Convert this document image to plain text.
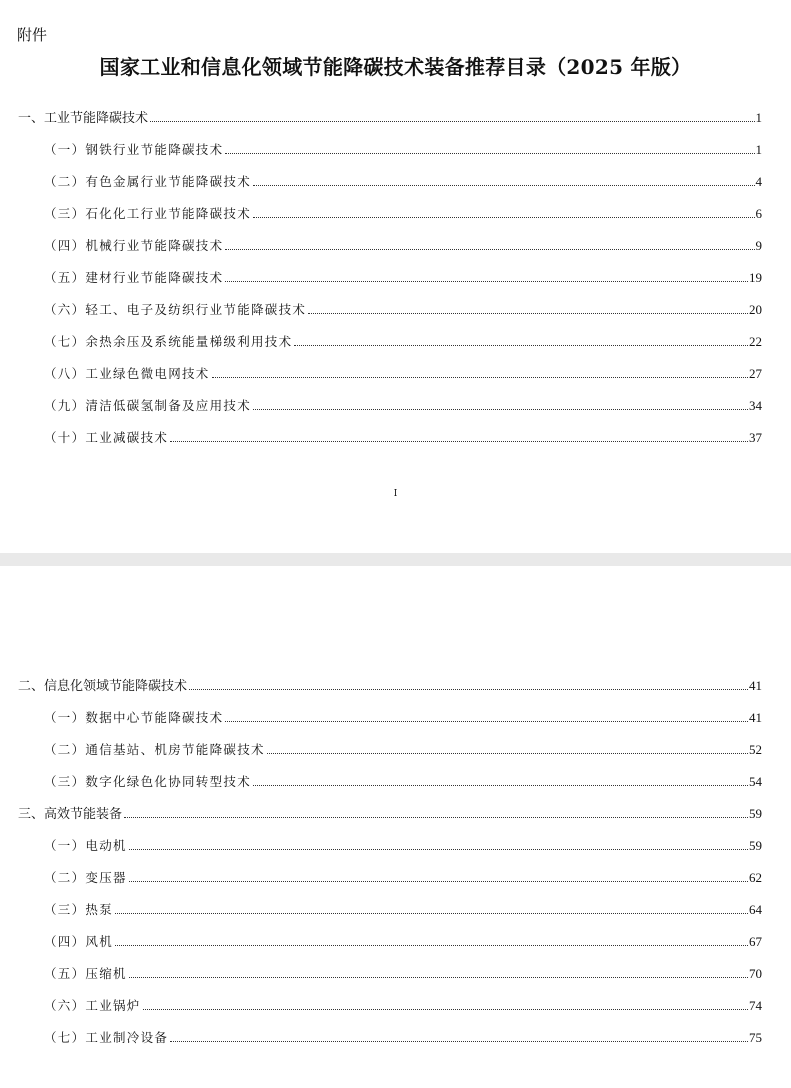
附件
国家工业和信息化领域节能降碳技术装备推荐目录（2025 年版）
一、工业节能降碳技术	1
（一）钢铁行业节能降碳技术	1
（二）有色金属行业节能降碳技术	4
（三）石化化工行业节能降碳技术	6
（四）机械行业节能降碳技术	9
（五）建材行业节能降碳技术	19
（六）轻工、电子及纺织行业节能降碳技术	20
（七）余热余压及系统能量梯级利用技术	22
（八）工业绿色微电网技术	27
（九）清洁低碳氢制备及应用技术	34
（十）工业减碳技术	37
I
二、信息化领域节能降碳技术	41
（一）数据中心节能降碳技术	41
（二）通信基站、机房节能降碳技术	52
（三）数字化绿色化协同转型技术	54
三、高效节能装备	59
（一）电动机	59
（二）变压器	62
（三）热泵	64
（四）风机	67
（五）压缩机	70
（六）工业锅炉	74
（七）工业制冷设备	75
